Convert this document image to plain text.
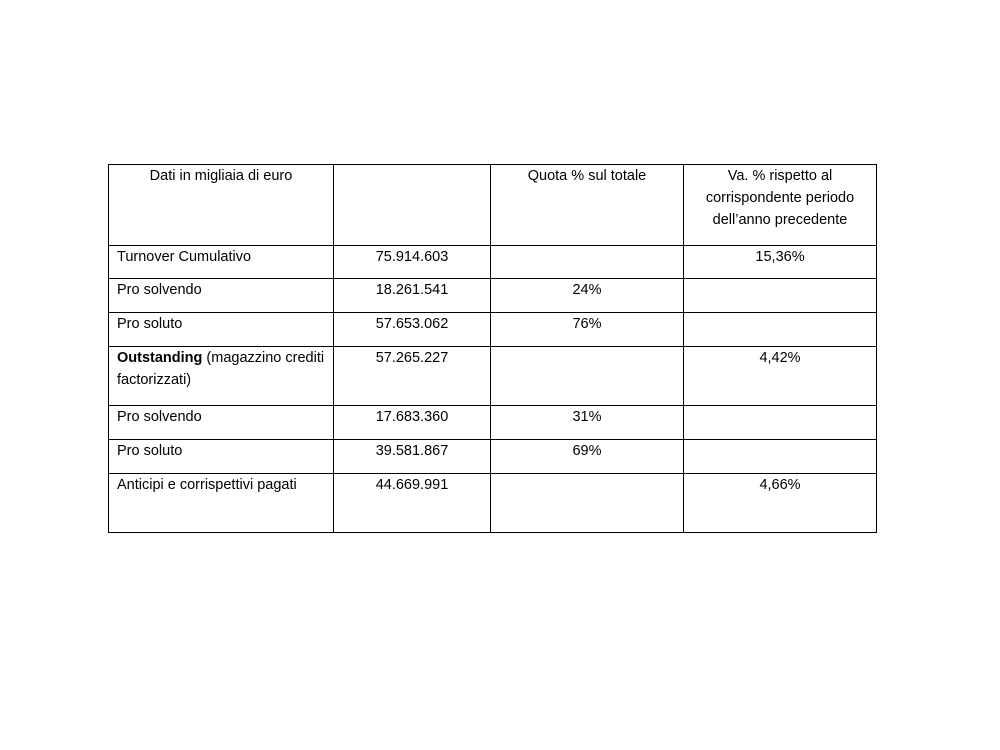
Dati in migliaia di euro		Quota % sul totale	Va. % rispetto al corrispondente periodo dell’anno precedente
Turnover Cumulativo	75.914.603		15,36%
Pro solvendo	18.261.541	24%	
Pro soluto	57.653.062	76%	
Outstanding (magazzino crediti factorizzati)	57.265.227		4,42%
Pro solvendo	17.683.360	31%	
Pro soluto	39.581.867	69%	
Anticipi e corrispettivi pagati	44.669.991		4,66%
